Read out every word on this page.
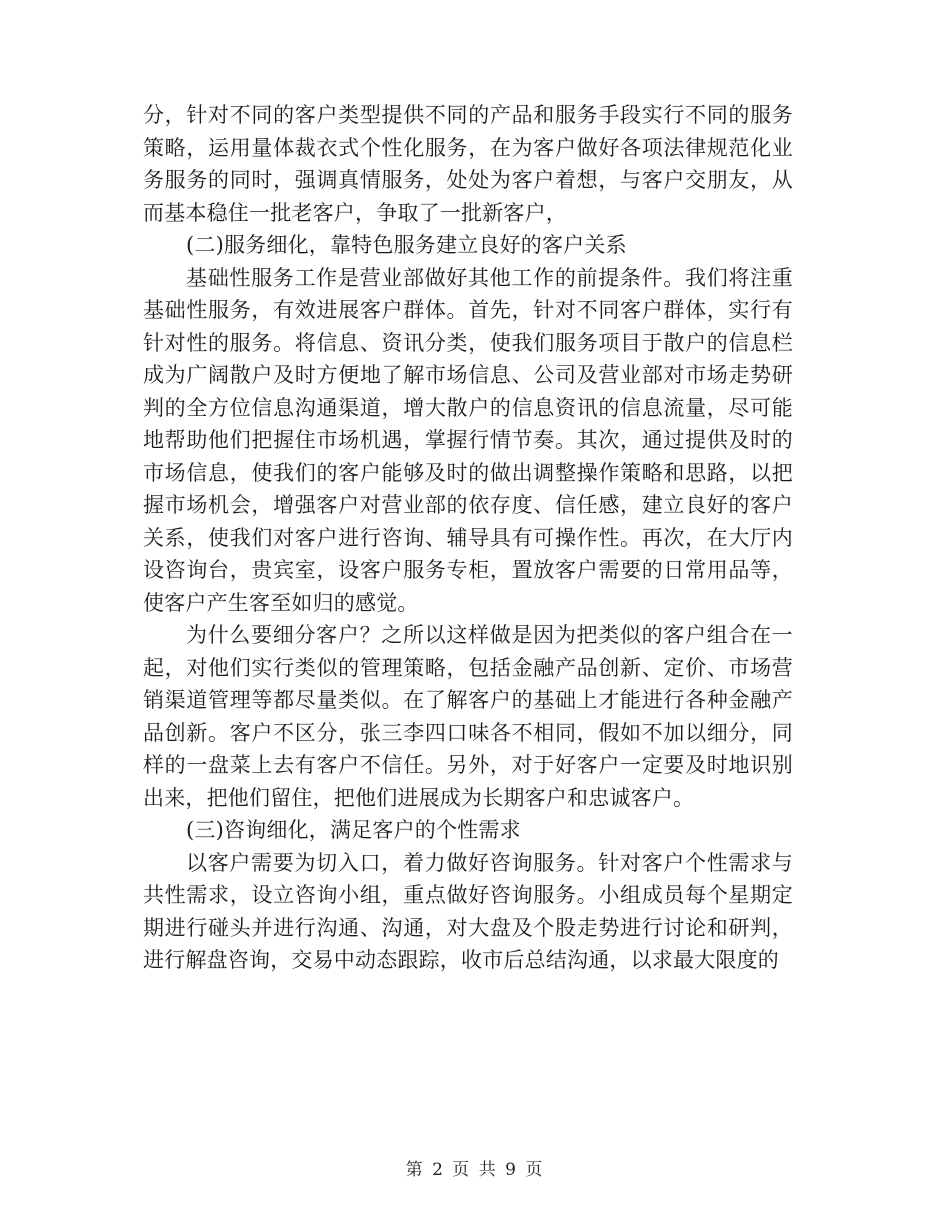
分，针对不同的客户类型提供不同的产品和服务手段实行不同的服务策略，运用量体裁衣式个性化服务，在为客户做好各项法律规范化业务服务的同时，强调真情服务，处处为客户着想，与客户交朋友，从而基本稳住一批老客户，争取了一批新客户，

(二)服务细化，靠特色服务建立良好的客户关系

基础性服务工作是营业部做好其他工作的前提条件。我们将注重基础性服务，有效进展客户群体。首先，针对不同客户群体，实行有针对性的服务。将信息、资讯分类，使我们服务项目于散户的信息栏成为广阔散户及时方便地了解市场信息、公司及营业部对市场走势研判的全方位信息沟通渠道，增大散户的信息资讯的信息流量，尽可能地帮助他们把握住市场机遇，掌握行情节奏。其次，通过提供及时的市场信息，使我们的客户能够及时的做出调整操作策略和思路，以把握市场机会，增强客户对营业部的依存度、信任感，建立良好的客户关系，使我们对客户进行咨询、辅导具有可操作性。再次，在大厅内设咨询台，贵宾室，设客户服务专柜，置放客户需要的日常用品等，使客户产生客至如归的感觉。

为什么要细分客户？之所以这样做是因为把类似的客户组合在一起，对他们实行类似的管理策略，包括金融产品创新、定价、市场营销渠道管理等都尽量类似。在了解客户的基础上才能进行各种金融产品创新。客户不区分，张三李四口味各不相同，假如不加以细分，同样的一盘菜上去有客户不信任。另外，对于好客户一定要及时地识别出来，把他们留住，把他们进展成为长期客户和忠诚客户。

(三)咨询细化，满足客户的个性需求

以客户需要为切入口，着力做好咨询服务。针对客户个性需求与共性需求，设立咨询小组，重点做好咨询服务。小组成员每个星期定期进行碰头并进行沟通、沟通，对大盘及个股走势进行讨论和研判，进行解盘咨询，交易中动态跟踪，收市后总结沟通，以求最大限度的

第 2 页 共 9 页
